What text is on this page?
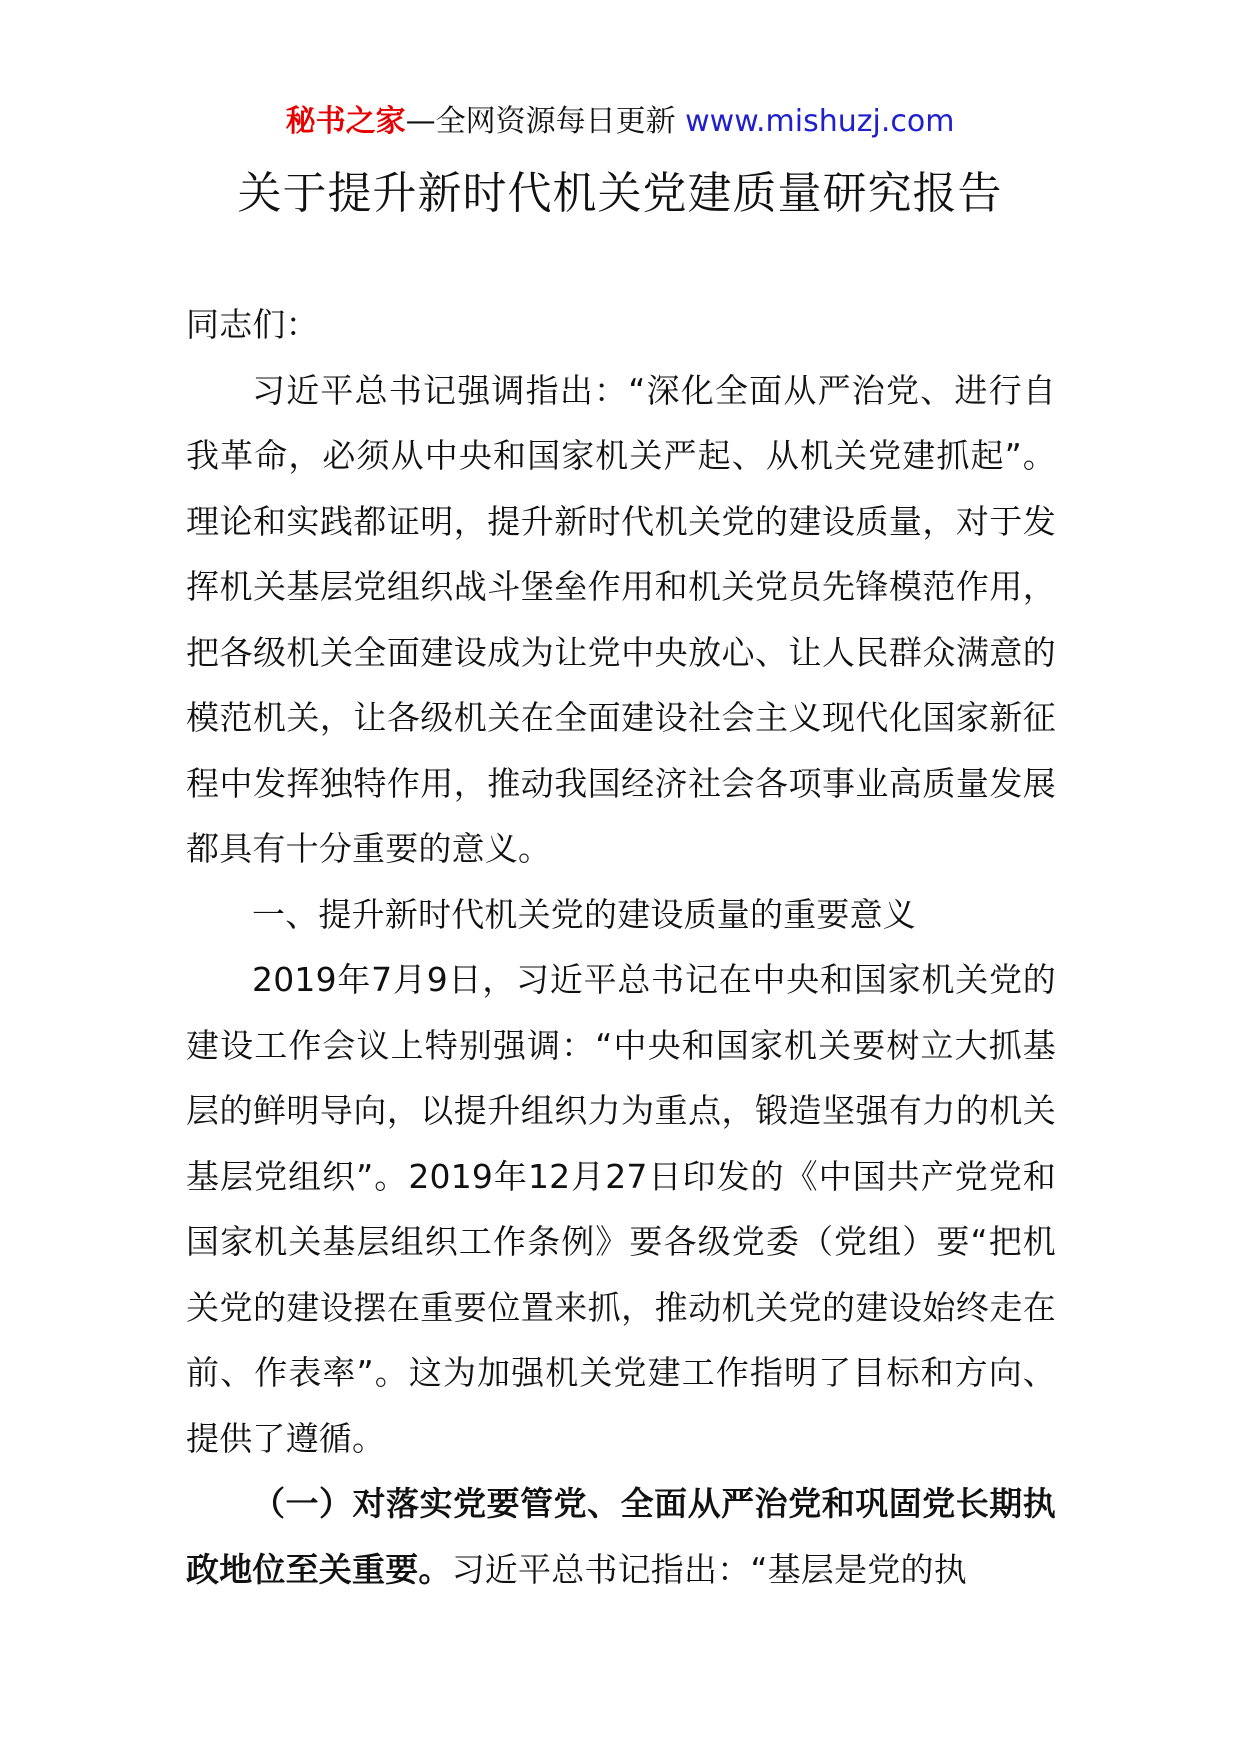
秘书之家—全网资源每日更新 www.mishuzj.com
关于提升新时代机关党建质量研究报告

同志们：

习近平总书记强调指出：“深化全面从严治党、进行自我革命，必须从中央和国家机关严起、从机关党建抓起”。理论和实践都证明，提升新时代机关党的建设质量，对于发挥机关基层党组织战斗堡垒作用和机关党员先锋模范作用，把各级机关全面建设成为让党中央放心、让人民群众满意的模范机关，让各级机关在全面建设社会主义现代化国家新征程中发挥独特作用，推动我国经济社会各项事业高质量发展都具有十分重要的意义。

一、提升新时代机关党的建设质量的重要意义

2019年7月9日，习近平总书记在中央和国家机关党的建设工作会议上特别强调：“中央和国家机关要树立大抓基层的鲜明导向，以提升组织力为重点，锻造坚强有力的机关基层党组织”。2019年12月27日印发的《中国共产党党和国家机关基层组织工作条例》要各级党委（党组）要“把机关党的建设摆在重要位置来抓，推动机关党的建设始终走在前、作表率”。这为加强机关党建工作指明了目标和方向、提供了遵循。

（一）对落实党要管党、全面从严治党和巩固党长期执政地位至关重要。习近平总书记指出：“基层是党的执
